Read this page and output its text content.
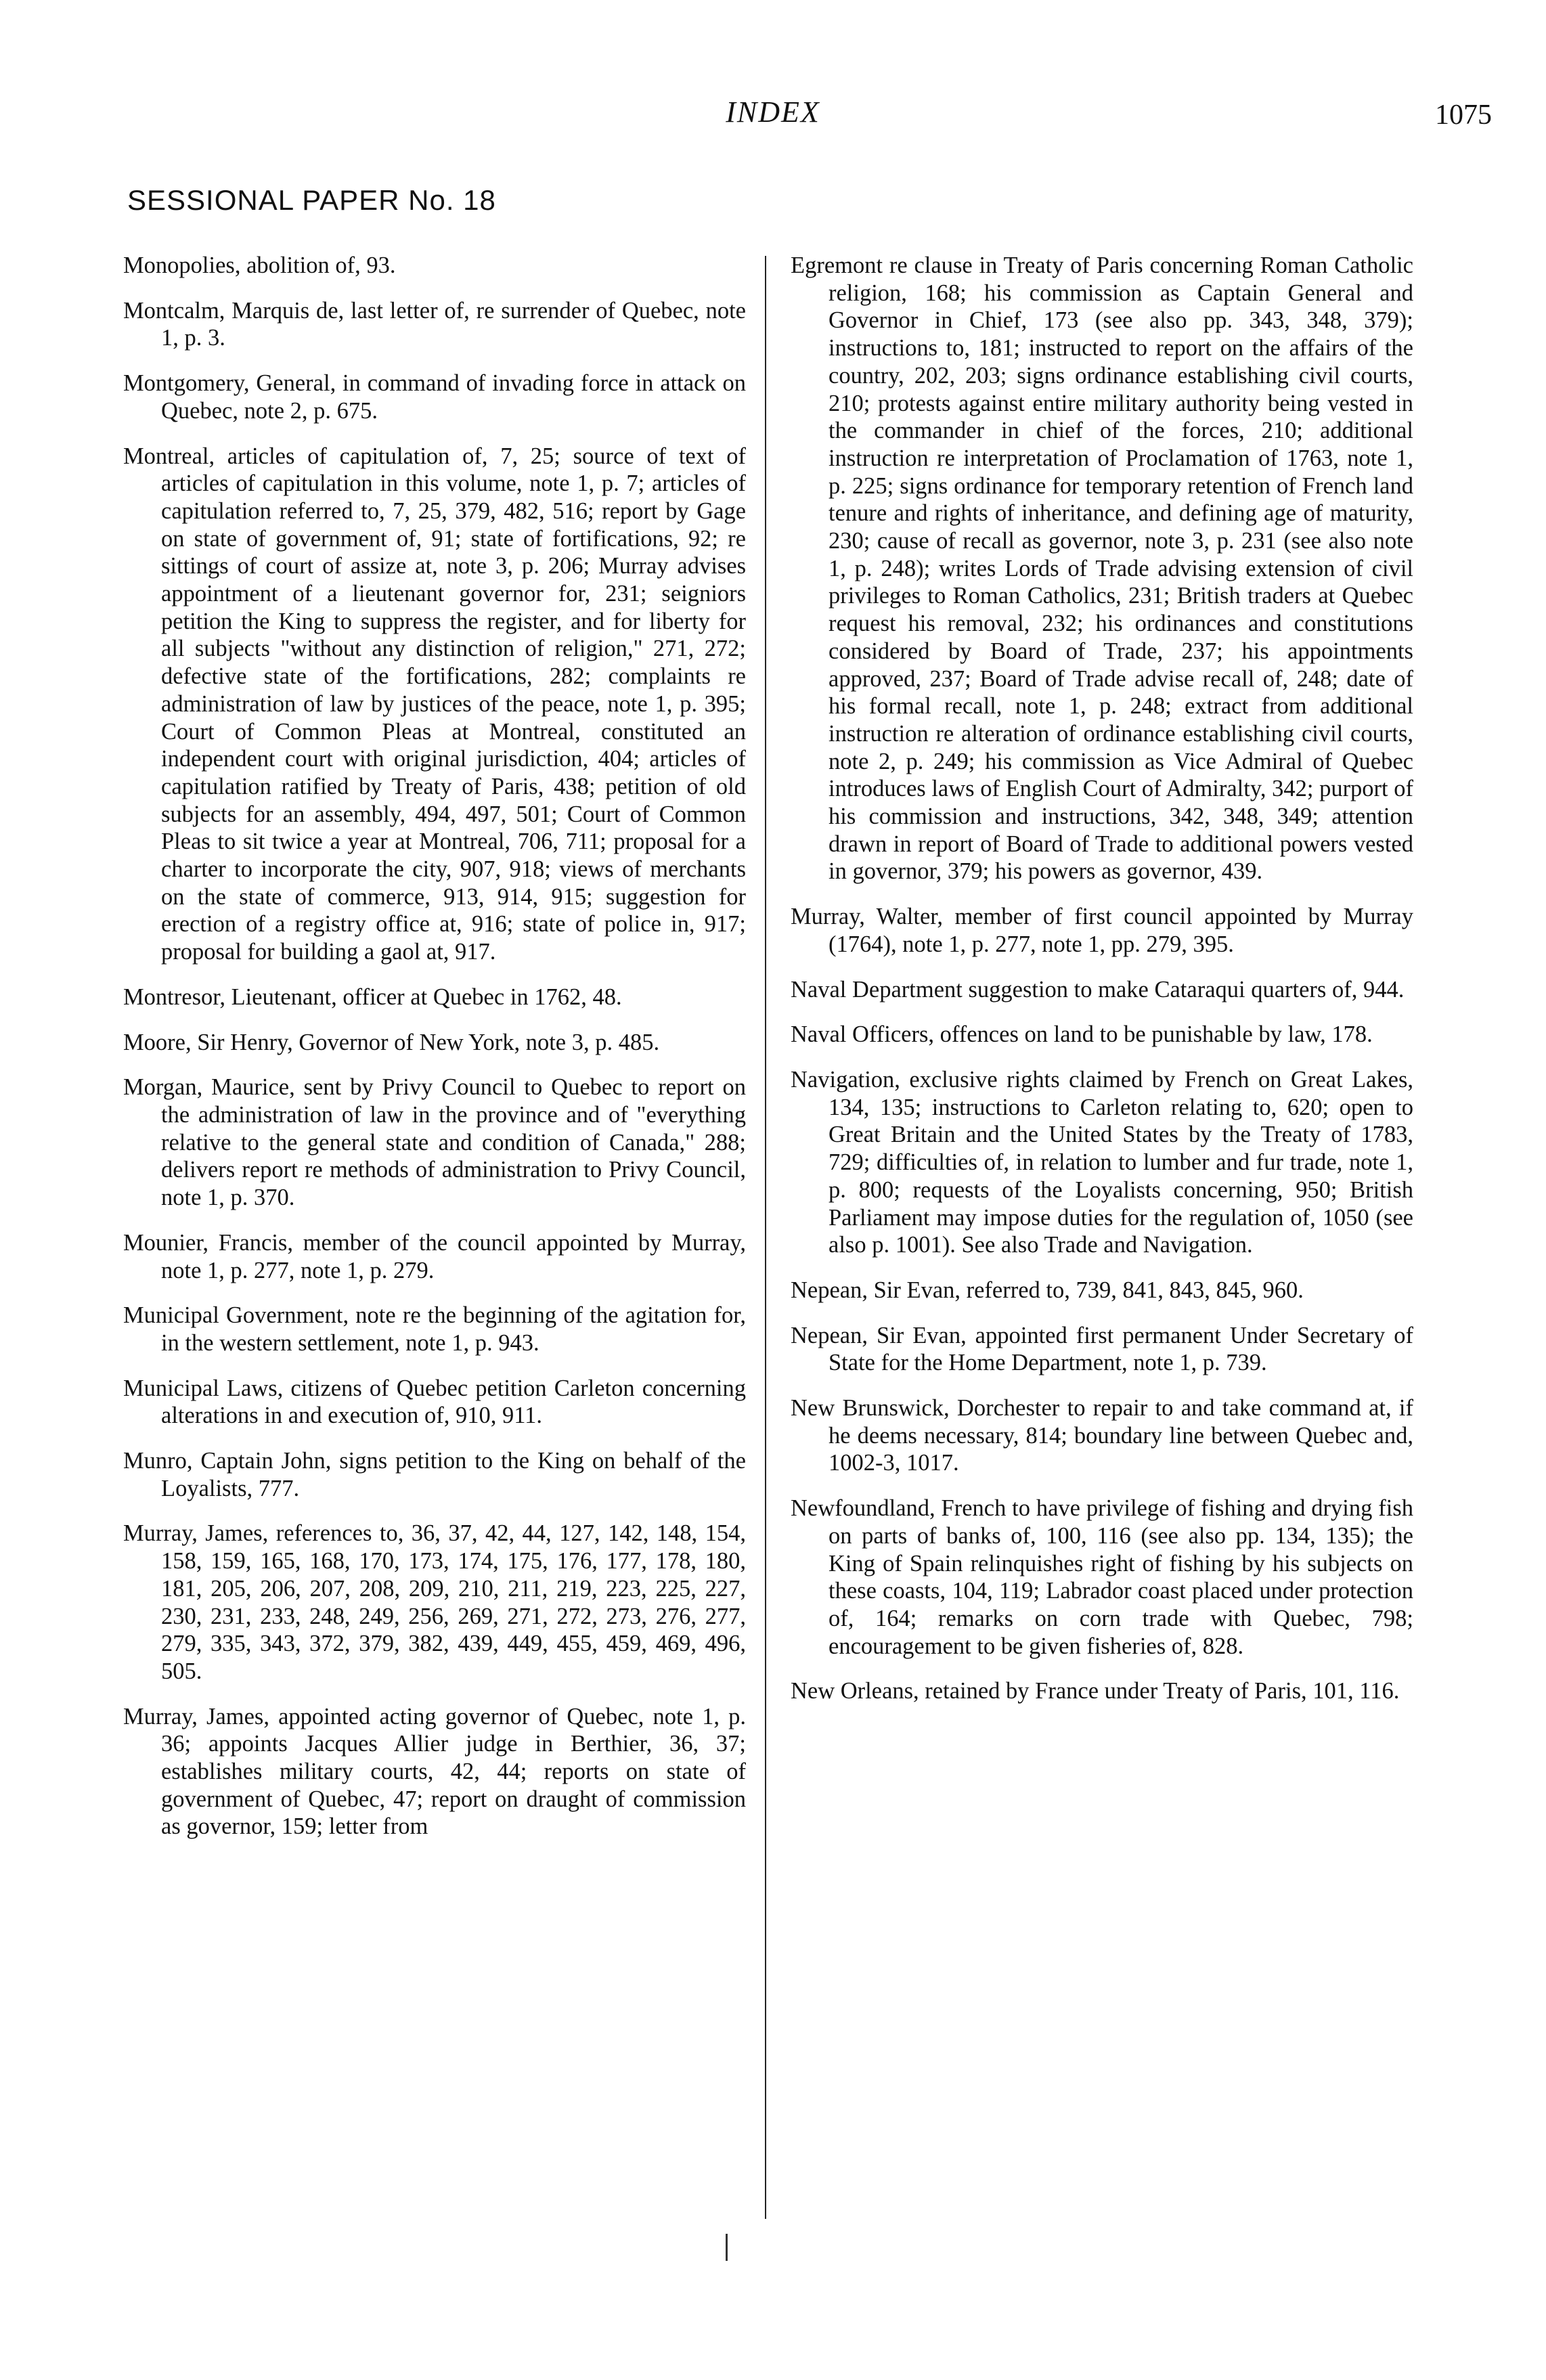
INDEX	1075
SESSIONAL PAPER No. 18

Monopolies, abolition of, 93.

Montcalm, Marquis de, last letter of, re surrender of Quebec, note 1, p. 3.

Montgomery, General, in command of invading force in attack on Quebec, note 2, p. 675.

Montreal, articles of capitulation of, 7, 25; source of text of articles of capitulation in this volume, note 1, p. 7; articles of capitulation referred to, 7, 25, 379, 482, 516; report by Gage on state of government of, 91; state of fortifications, 92; re sittings of court of assize at, note 3, p. 206; Murray advises appointment of a lieutenant governor for, 231; seigniors petition the King to suppress the register, and for liberty for all subjects "without any distinction of religion," 271, 272; defective state of the fortifications, 282; complaints re administration of law by justices of the peace, note 1, p. 395; Court of Common Pleas at Montreal, constituted an independent court with original jurisdiction, 404; articles of capitulation ratified by Treaty of Paris, 438; petition of old subjects for an assembly, 494, 497, 501; Court of Common Pleas to sit twice a year at Montreal, 706, 711; proposal for a charter to incorporate the city, 907, 918; views of merchants on the state of commerce, 913, 914, 915; suggestion for erection of a registry office at, 916; state of police in, 917; proposal for building a gaol at, 917.

Montresor, Lieutenant, officer at Quebec in 1762, 48.

Moore, Sir Henry, Governor of New York, note 3, p. 485.

Morgan, Maurice, sent by Privy Council to Quebec to report on the administration of law in the province and of "everything relative to the general state and condition of Canada," 288; delivers report re methods of administration to Privy Council, note 1, p. 370.

Mounier, Francis, member of the council appointed by Murray, note 1, p. 277, note 1, p. 279.

Municipal Government, note re the beginning of the agitation for, in the western settlement, note 1, p. 943.

Municipal Laws, citizens of Quebec petition Carleton concerning alterations in and execution of, 910, 911.

Munro, Captain John, signs petition to the King on behalf of the Loyalists, 777.

Murray, James, references to, 36, 37, 42, 44, 127, 142, 148, 154, 158, 159, 165, 168, 170, 173, 174, 175, 176, 177, 178, 180, 181, 205, 206, 207, 208, 209, 210, 211, 219, 223, 225, 227, 230, 231, 233, 248, 249, 256, 269, 271, 272, 273, 276, 277, 279, 335, 343, 372, 379, 382, 439, 449, 455, 459, 469, 496, 505.

Murray, James, appointed acting governor of Quebec, note 1, p. 36; appoints Jacques Allier judge in Berthier, 36, 37; establishes military courts, 42, 44; reports on state of government of Quebec, 47; report on draught of commission as governor, 159; letter from

Egremont re clause in Treaty of Paris concerning Roman Catholic religion, 168; his commission as Captain General and Governor in Chief, 173 (see also pp. 343, 348, 379); instructions to, 181; instructed to report on the affairs of the country, 202, 203; signs ordinance establishing civil courts, 210; protests against entire military authority being vested in the commander in chief of the forces, 210; additional instruction re interpretation of Proclamation of 1763, note 1, p. 225; signs ordinance for temporary retention of French land tenure and rights of inheritance, and defining age of maturity, 230; cause of recall as governor, note 3, p. 231 (see also note 1, p. 248); writes Lords of Trade advising extension of civil privileges to Roman Catholics, 231; British traders at Quebec request his removal, 232; his ordinances and constitutions considered by Board of Trade, 237; his appointments approved, 237; Board of Trade advise recall of, 248; date of his formal recall, note 1, p. 248; extract from additional instruction re alteration of ordinance establishing civil courts, note 2, p. 249; his commission as Vice Admiral of Quebec introduces laws of English Court of Admiralty, 342; purport of his commission and instructions, 342, 348, 349; attention drawn in report of Board of Trade to additional powers vested in governor, 379; his powers as governor, 439.

Murray, Walter, member of first council appointed by Murray (1764), note 1, p. 277, note 1, pp. 279, 395.

Naval Department suggestion to make Cataraqui quarters of, 944.

Naval Officers, offences on land to be punishable by law, 178.

Navigation, exclusive rights claimed by French on Great Lakes, 134, 135; instructions to Carleton relating to, 620; open to Great Britain and the United States by the Treaty of 1783, 729; difficulties of, in relation to lumber and fur trade, note 1, p. 800; requests of the Loyalists concerning, 950; British Parliament may impose duties for the regulation of, 1050 (see also p. 1001). See also Trade and Navigation.

Nepean, Sir Evan, referred to, 739, 841, 843, 845, 960.

Nepean, Sir Evan, appointed first permanent Under Secretary of State for the Home Department, note 1, p. 739.

New Brunswick, Dorchester to repair to and take command at, if he deems necessary, 814; boundary line between Quebec and, 1002-3, 1017.

Newfoundland, French to have privilege of fishing and drying fish on parts of banks of, 100, 116 (see also pp. 134, 135); the King of Spain relinquishes right of fishing by his subjects on these coasts, 104, 119; Labrador coast placed under protection of, 164; remarks on corn trade with Quebec, 798; encouragement to be given fisheries of, 828.

New Orleans, retained by France under Treaty of Paris, 101, 116.
